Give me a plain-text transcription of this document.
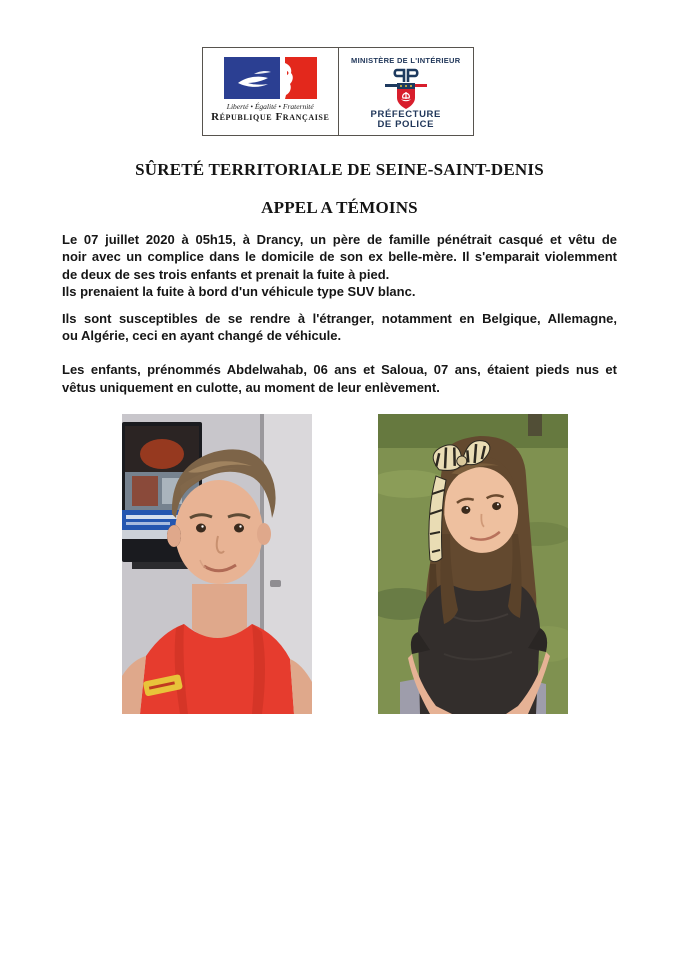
Liberté • Égalité • Fraternité
République Française
MINISTÈRE DE L'INTÉRIEUR
PRÉFECTURE
DE POLICE
SÛRETÉ TERRITORIALE DE SEINE-SAINT-DENIS
APPEL A TÉMOINS
Le 07 juillet 2020 à 05h15, à Drancy, un père de famille pénétrait casqué et vêtu de
noir avec un complice dans le domicile de son ex belle-mère. Il s'emparait violemment
de deux de ses trois enfants et prenait la fuite à pied.
Ils prenaient la fuite à bord d'un véhicule type SUV blanc.
Ils sont susceptibles de se rendre à l'étranger, notamment en Belgique, Allemagne,
ou Algérie, ceci en ayant changé de véhicule.
Les enfants, prénommés Abdelwahab, 06 ans et Saloua, 07 ans, étaient pieds nus et
vêtus uniquement en culotte, au moment de leur enlèvement.
